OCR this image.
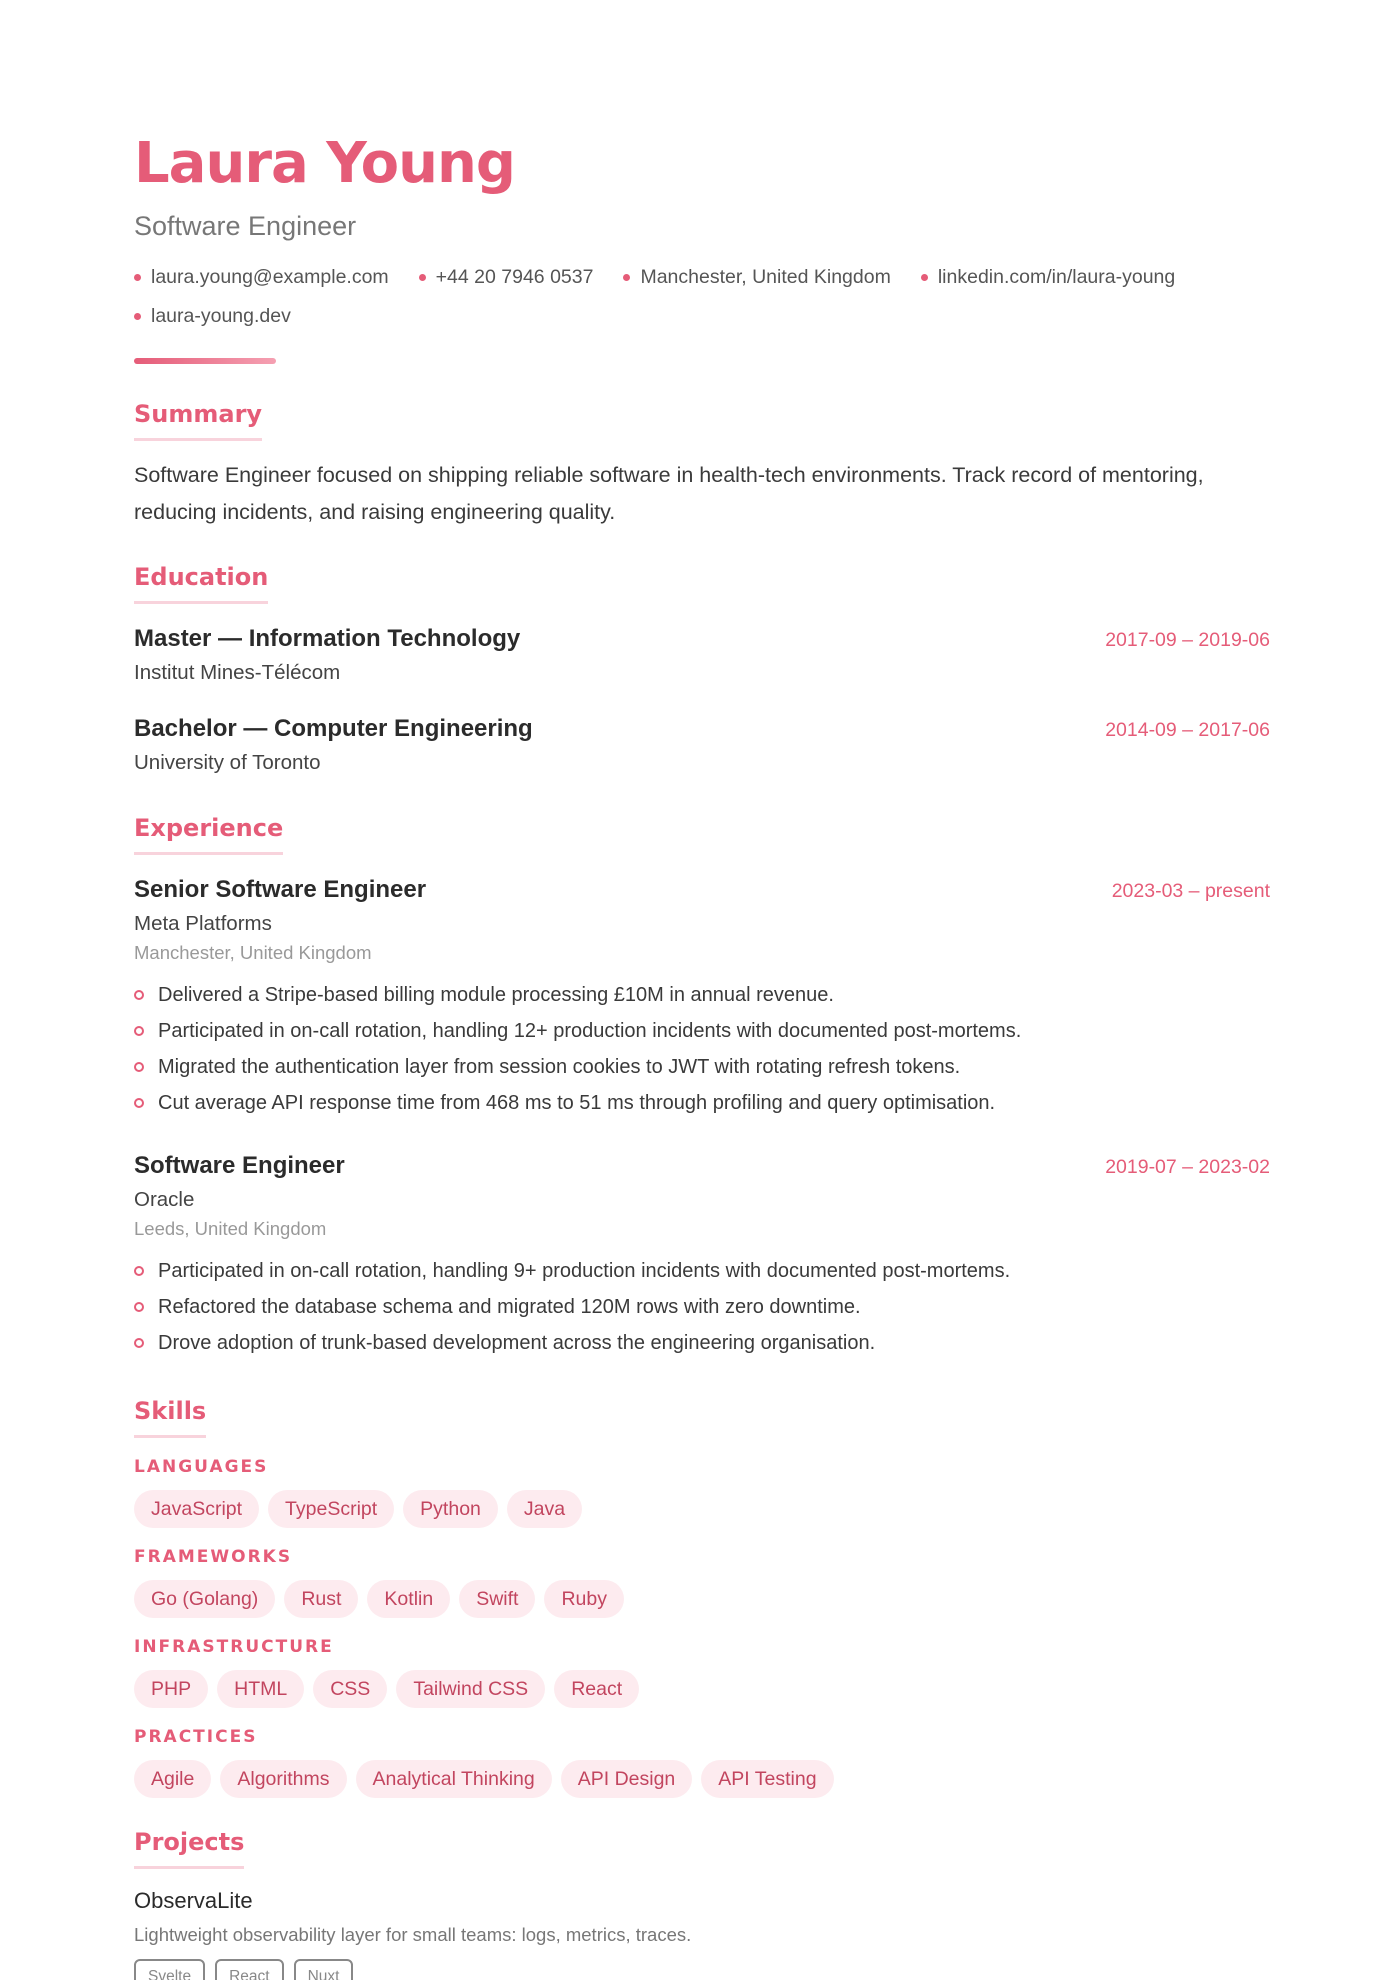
Laura Young
Software Engineer
laura.young@example.com +44 20 7946 0537 Manchester, United Kingdom linkedin.com/in/laura-young
laura-young.dev
Summary

Software Engineer focused on shipping reliable software in health-tech environments. Track record of mentoring, reducing incidents, and raising engineering quality.

Education
Master — Information Technology	2017-09 – 2019-06
Institut Mines-Télécom
Bachelor — Computer Engineering	2014-09 – 2017-06
University of Toronto
Experience
Senior Software Engineer	2023-03 – present
Meta Platforms
Manchester, United Kingdom
Delivered a Stripe-based billing module processing £10M in annual revenue.
Participated in on-call rotation, handling 12+ production incidents with documented post-mortems.
Migrated the authentication layer from session cookies to JWT with rotating refresh tokens.
Cut average API response time from 468 ms to 51 ms through profiling and query optimisation.
Software Engineer	2019-07 – 2023-02
Oracle
Leeds, United Kingdom
Participated in on-call rotation, handling 9+ production incidents with documented post-mortems.
Refactored the database schema and migrated 120M rows with zero downtime.
Drove adoption of trunk-based development across the engineering organisation.
Skills
LANGUAGES
JavaScript	TypeScript	Python	Java
FRAMEWORKS
Go (Golang)	Rust	Kotlin	Swift	Ruby
INFRASTRUCTURE
PHP	HTML	CSS	Tailwind CSS	React
PRACTICES
Agile	Algorithms	Analytical Thinking	API Design	API Testing
Projects
ObservaLite
Lightweight observability layer for small teams: logs, metrics, traces.
Svelte	React	Nuxt
